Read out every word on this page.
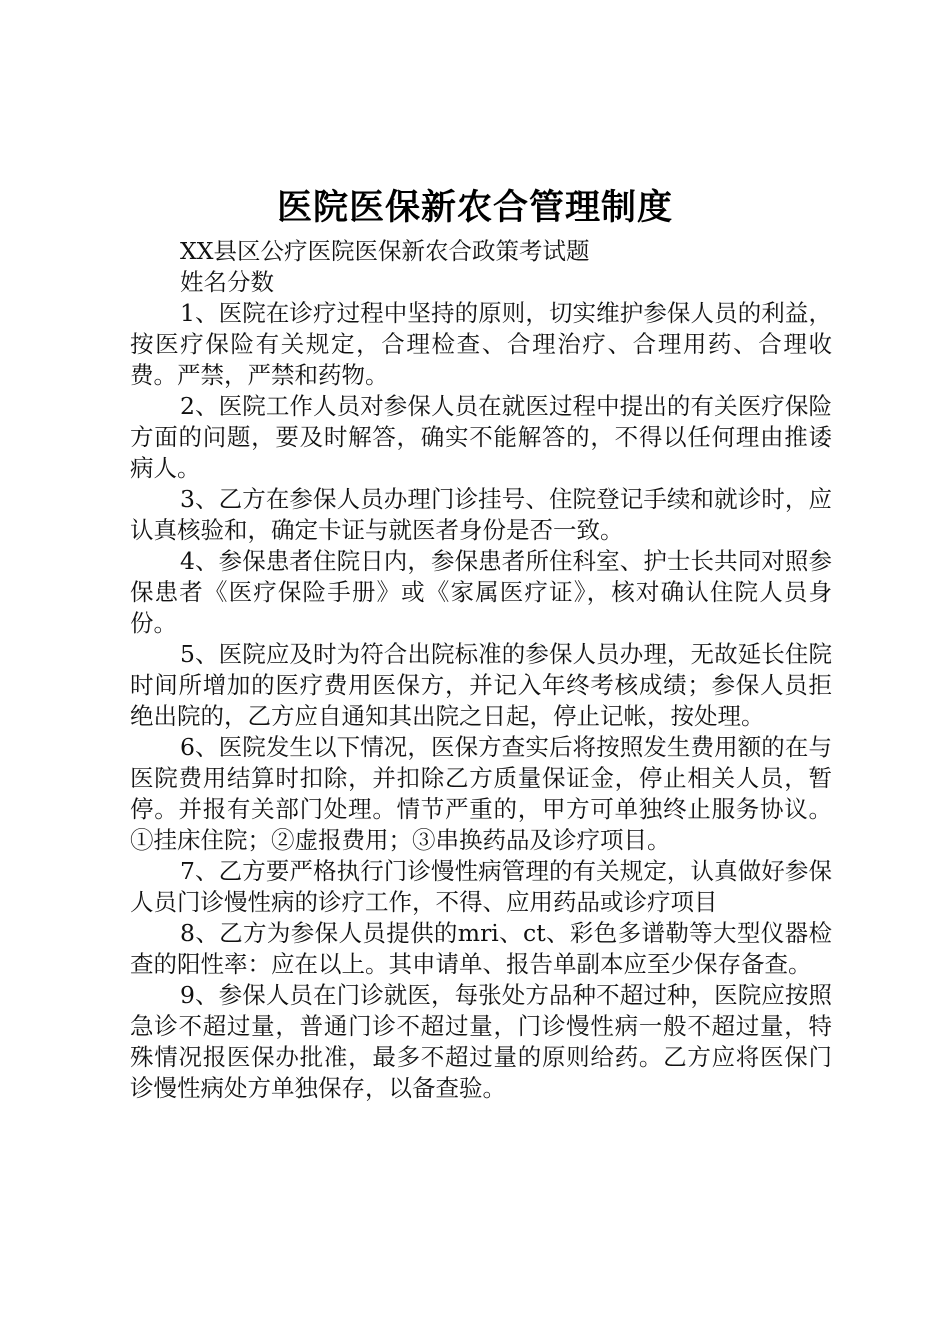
医院医保新农合管理制度

XX县区公疗医院医保新农合政策考试题

姓名分数

1、医院在诊疗过程中坚持的原则，切实维护参保人员的利益，按医疗保险有关规定，合理检查、合理治疗、合理用药、合理收费。严禁，严禁和药物。

2、医院工作人员对参保人员在就医过程中提出的有关医疗保险方面的问题，要及时解答，确实不能解答的，不得以任何理由推诿病人。

3、乙方在参保人员办理门诊挂号、住院登记手续和就诊时，应认真核验和，确定卡证与就医者身份是否一致。

4、参保患者住院日内，参保患者所住科室、护士长共同对照参保患者《医疗保险手册》或《家属医疗证》，核对确认住院人员身份。

5、医院应及时为符合出院标准的参保人员办理，无故延长住院时间所增加的医疗费用医保方，并记入年终考核成绩；参保人员拒绝出院的，乙方应自通知其出院之日起，停止记帐，按处理。

6、医院发生以下情况，医保方查实后将按照发生费用额的在与医院费用结算时扣除，并扣除乙方质量保证金，停止相关人员，暂停。并报有关部门处理。情节严重的，甲方可单独终止服务协议。①挂床住院；②虚报费用；③串换药品及诊疗项目。

7、乙方要严格执行门诊慢性病管理的有关规定，认真做好参保人员门诊慢性病的诊疗工作，不得、应用药品或诊疗项目

8、乙方为参保人员提供的mri、ct、彩色多谱勒等大型仪器检查的阳性率：应在以上。其申请单、报告单副本应至少保存备查。

9、参保人员在门诊就医，每张处方品种不超过种，医院应按照急诊不超过量，普通门诊不超过量，门诊慢性病一般不超过量，特殊情况报医保办批准，最多不超过量的原则给药。乙方应将医保门诊慢性病处方单独保存，以备查验。
